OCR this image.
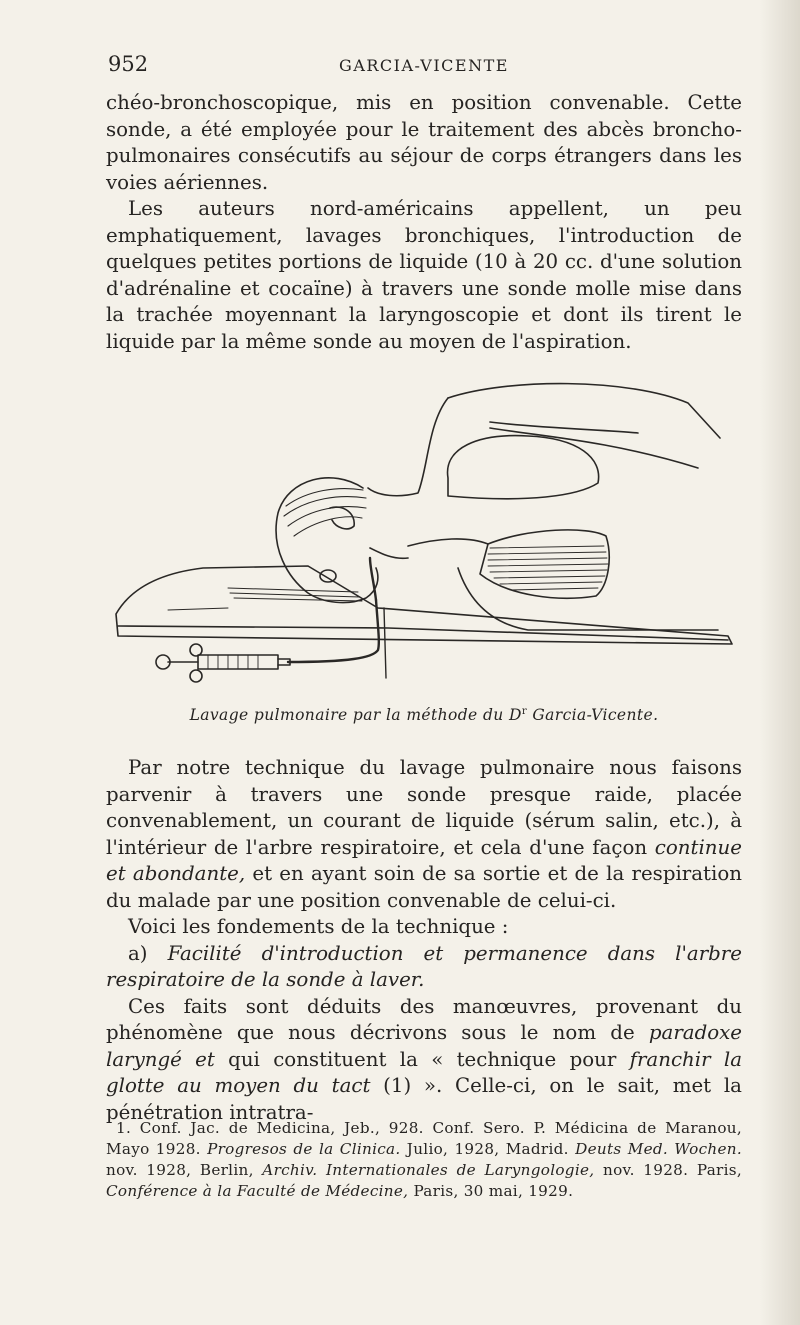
952	GARCIA-VICENTE

chéo-bronchoscopique, mis en position convenable. Cette sonde, a été employée pour le traitement des abcès broncho-pulmonaires consécutifs au séjour de corps étrangers dans les voies aériennes.

Les auteurs nord-américains appellent, un peu emphatiquement, lavages bronchiques, l'introduction de quelques petites portions de liquide (10 à 20 cc. d'une solution d'adrénaline et cocaïne) à travers une sonde molle mise dans la trachée moyennant la laryngoscopie et dont ils tirent le liquide par la même sonde au moyen de l'aspiration.

Lavage pulmonaire par la méthode du $D^r$ Garcia-Vicente.

Par notre technique du lavage pulmonaire nous faisons parvenir à travers une sonde presque raide, placée convenablement, un courant de liquide (sérum salin, etc.), à l'intérieur de l'arbre respiratoire, et cela d'une façon continue et abondante, et en ayant soin de sa sortie et de la respiration du malade par une position convenable de celui-ci.

Voici les fondements de la technique :

a) Facilité d'introduction et permanence dans l'arbre respiratoire de la sonde à laver.

Ces faits sont déduits des manœuvres, provenant du phénomène que nous décrivons sous le nom de paradoxe laryngé et qui constituent la « technique pour franchir la glotte au moyen du tact (1) ». Celle-ci, on le sait, met la pénétration intratra-

1. Conf. Jac. de Medicina, Jeb., 928. Conf. Sero. P. Médicina de Maranou, Mayo 1928. Progresos de la Clinica. Julio, 1928, Madrid. Deuts Med. Wochen. nov. 1928, Berlin, Archiv. Internationales de Laryngologie, nov. 1928. Paris, Conférence à la Faculté de Médecine, Paris, 30 mai, 1929.
